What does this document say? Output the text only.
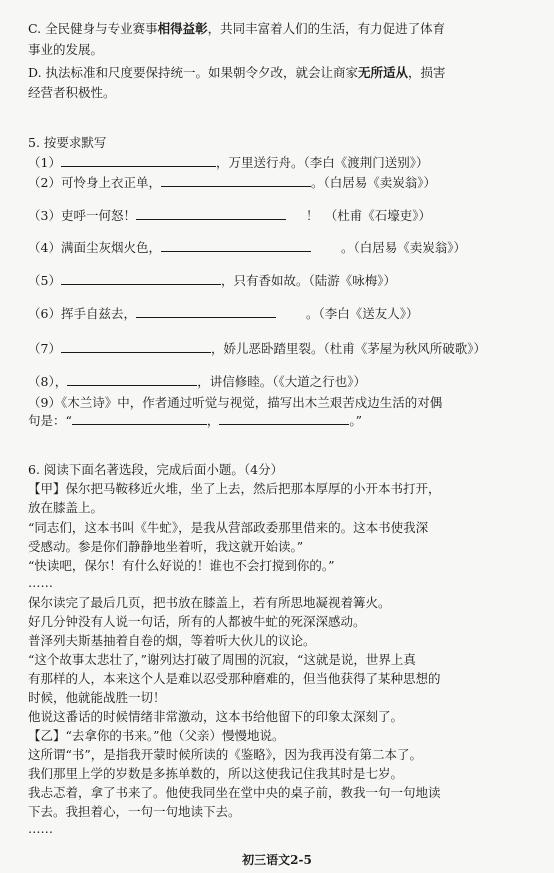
C. 全民健身与专业赛事相得益彰，共同丰富着人们的生活，有力促进了体育
事业的发展。
D. 执法标准和尺度要保持统一。如果朝令夕改，就会让商家无所适从，损害
经营者积极性。
5. 按要求默写
（1）	，万里送行舟。（李白《渡荆门送别》）
（2）可怜身上衣正单，	。（白居易《卖炭翁》）
（3）吏呼一何怒！	！　（杜甫《石壕吏》）
（4）满面尘灰烟火色，	。（白居易《卖炭翁》）
（5）	，只有香如故。（陆游《咏梅》）
（6）挥手自兹去，	。（李白《送友人》）
（7）	，娇儿恶卧踏里裂。（杜甫《茅屋为秋风所破歌》）
（8），	，讲信修睦。（《大道之行也》）
（9）《木兰诗》中，作者通过听觉与视觉，描写出木兰艰苦戍边生活的对偶
句是：“	，	。”
6. 阅读下面名著选段，完成后面小题。（4分）
【甲】保尔把马鞍移近火堆，坐了上去，然后把那本厚厚的小开本书打开，
放在膝盖上。
“同志们，这本书叫《牛虻》，是我从营部政委那里借来的。这本书使我深
受感动。参是你们静静地坐着听，我这就开始读。”
“快读吧，保尔！有什么好说的！谁也不会打搅到你的。”
……
保尔读完了最后几页，把书放在膝盖上，若有所思地凝视着篝火。
好几分钟没有人说一句话，所有的人都被牛虻的死深深感动。
普泽列夫斯基抽着自卷的烟，等着听大伙儿的议论。
“这个故事太悲壮了，”谢列达打破了周围的沉寂，“这就是说，世界上真
有那样的人，本来这个人是难以忍受那种磨难的，但当他获得了某种思想的
时候，他就能战胜一切！
他说这番话的时候情绪非常激动，这本书给他留下的印象太深刻了。
【乙】“去拿你的书来。”他（父亲）慢慢地说。
这所谓“书”，是指我开蒙时候所读的《鉴略》，因为我再没有第二本了。
我们那里上学的岁数是多拣单数的，所以这使我记住我其时是七岁。
我忐忑着，拿了书来了。他使我同坐在堂中央的桌子前，教我一句一句地读
下去。我担着心，一句一句地读下去。
……
初三语文2-5
